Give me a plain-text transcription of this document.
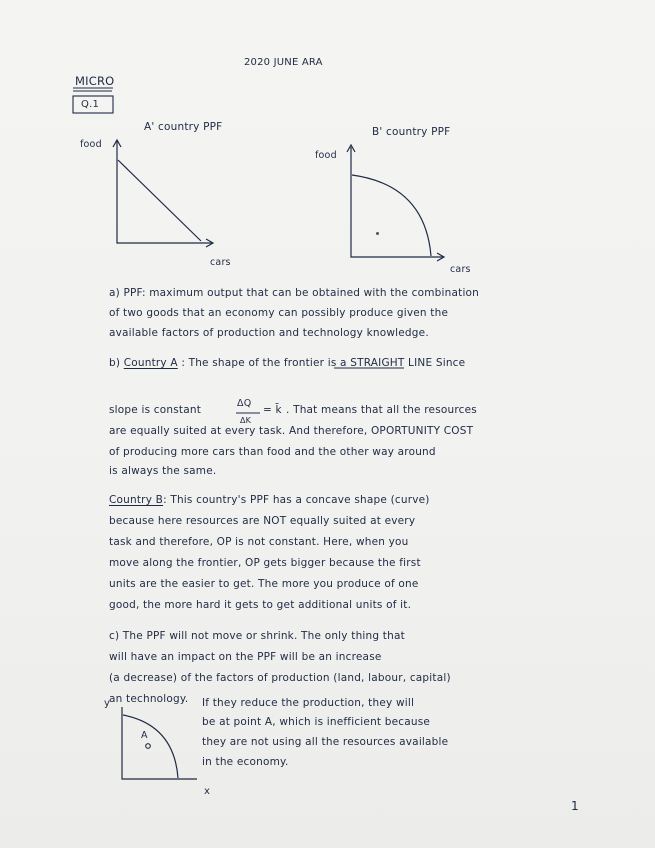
2020 JUNE ARA
MICRO
Q.1
A' country PPF
food
cars
B' country PPF
food
cars
a) PPF: maximum output that can be obtained with the combination
of two goods that an economy can possibly produce given the
available factors of production and technology knowledge.
b) Country A : The shape of the frontier is a STRAIGHT LINE Since
slope is constant
ΔQ
ΔK
= k̄ . That means that all the resources
are equally suited at every task. And therefore, OPORTUNITY COST
of producing more cars than food and the other way around
is always the same.
Country B: This country's PPF has a concave shape (curve)
because here resources are NOT equally suited at every
task and therefore, OP is not constant. Here, when you
move along the frontier, OP gets bigger because the first
units are the easier to get. The more you produce of one
good, the more hard it gets to get additional units of it.
c) The PPF will not move or shrink. The only thing that
will have an impact on the PPF will be an increase
(a decrease) of the factors of production (land, labour, capital)
an technology.
y
x
A
If they reduce the production, they will
be at point A, which is inefficient because
they are not using all the resources available
in the economy.
1
